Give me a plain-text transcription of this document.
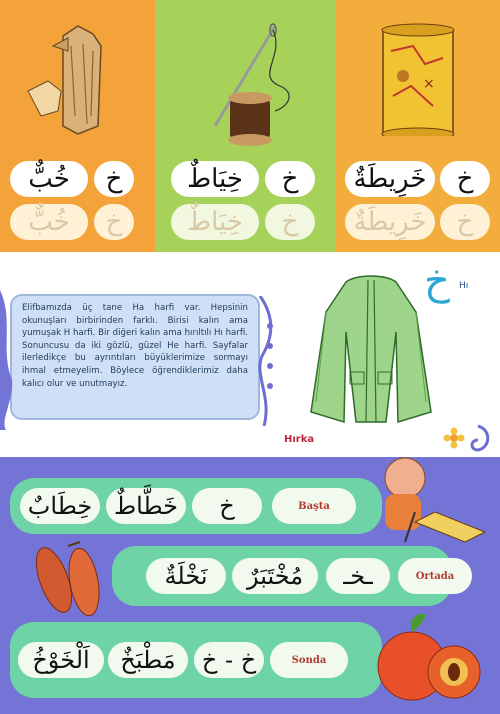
خ
خُبٌّ
خ
خُبٌّ
خ
خِيَاطٌ
خ
خِيَاطٌ
×
خ
خَرِيطَةٌ
خ
خَرِيطَةٌ

Elifbamızda üç tane Ha harfi var. Hepsinin okunuşları birbirinden farklı. Birisi kalın ama yumuşak H harfi. Bir diğeri kalın ama hırıltılı Hı harfi. Sonuncusu da iki gözlü, güzel He harfi. Sayfalar ilerledikçe bu ayrıntıları büyüklerimize sormayı ihmal etmeyelim. Böylece öğrendiklerimiz daha kalıcı olur ve unutmayız.

خ Hı
Hırka
Başta
خ
خَطَّاطٌ
خِطَابٌ
Ortada
ـخـ
مُخْتَبَرٌ
نَخْلَةٌ
Sonda
خ - خ
مَطْبَخٌ
اَلْخَوْخُ
